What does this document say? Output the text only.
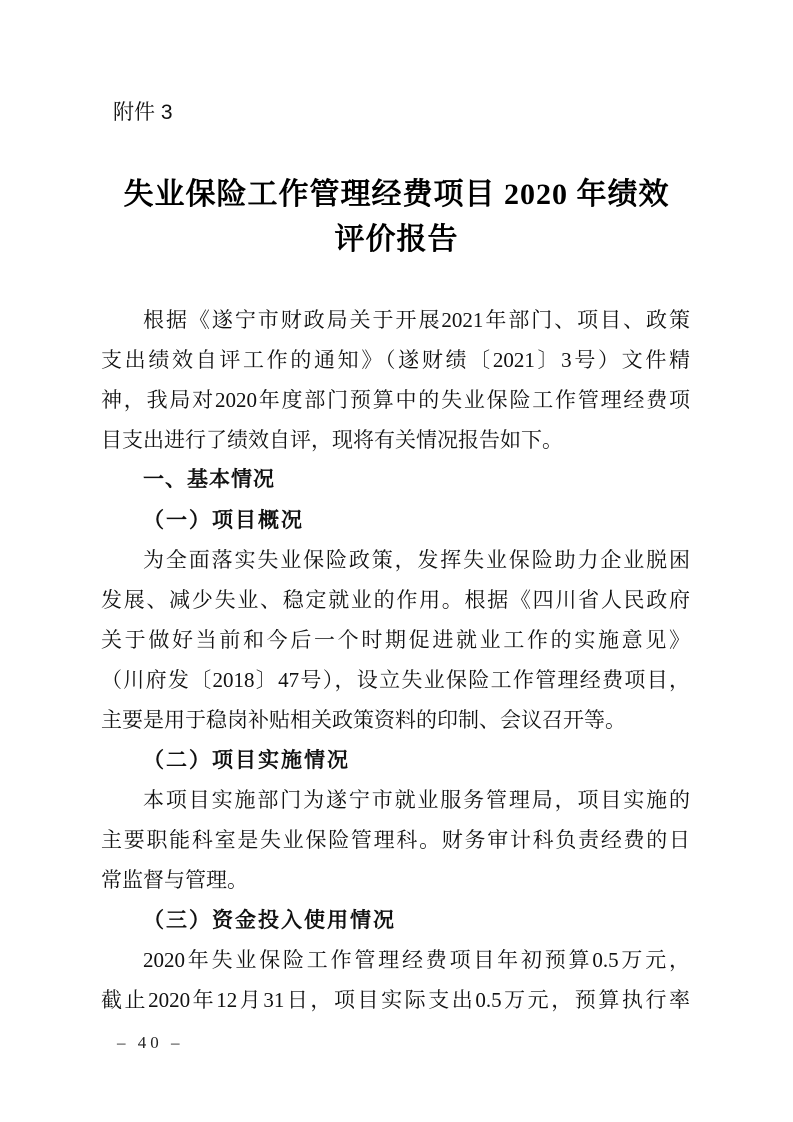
附件 3
失业保险工作管理经费项目 2020 年绩效
评价报告
根据《遂宁市财政局关于开展2021年部门、项目、政策
支出绩效自评工作的通知》（遂财绩〔2021〕3号）文件精
神，我局对2020年度部门预算中的失业保险工作管理经费项
目支出进行了绩效自评，现将有关情况报告如下。
一、基本情况
（一）项目概况
为全面落实失业保险政策，发挥失业保险助力企业脱困
发展、减少失业、稳定就业的作用。根据《四川省人民政府
关于做好当前和今后一个时期促进就业工作的实施意见》
（川府发〔2018〕47号），设立失业保险工作管理经费项目，
主要是用于稳岗补贴相关政策资料的印制、会议召开等。
（二）项目实施情况
本项目实施部门为遂宁市就业服务管理局，项目实施的
主要职能科室是失业保险管理科。财务审计科负责经费的日
常监督与管理。
（三）资金投入使用情况
2020年失业保险工作管理经费项目年初预算0.5万元，
截止2020年12月31日，项目实际支出0.5万元，预算执行率
– 40 –
